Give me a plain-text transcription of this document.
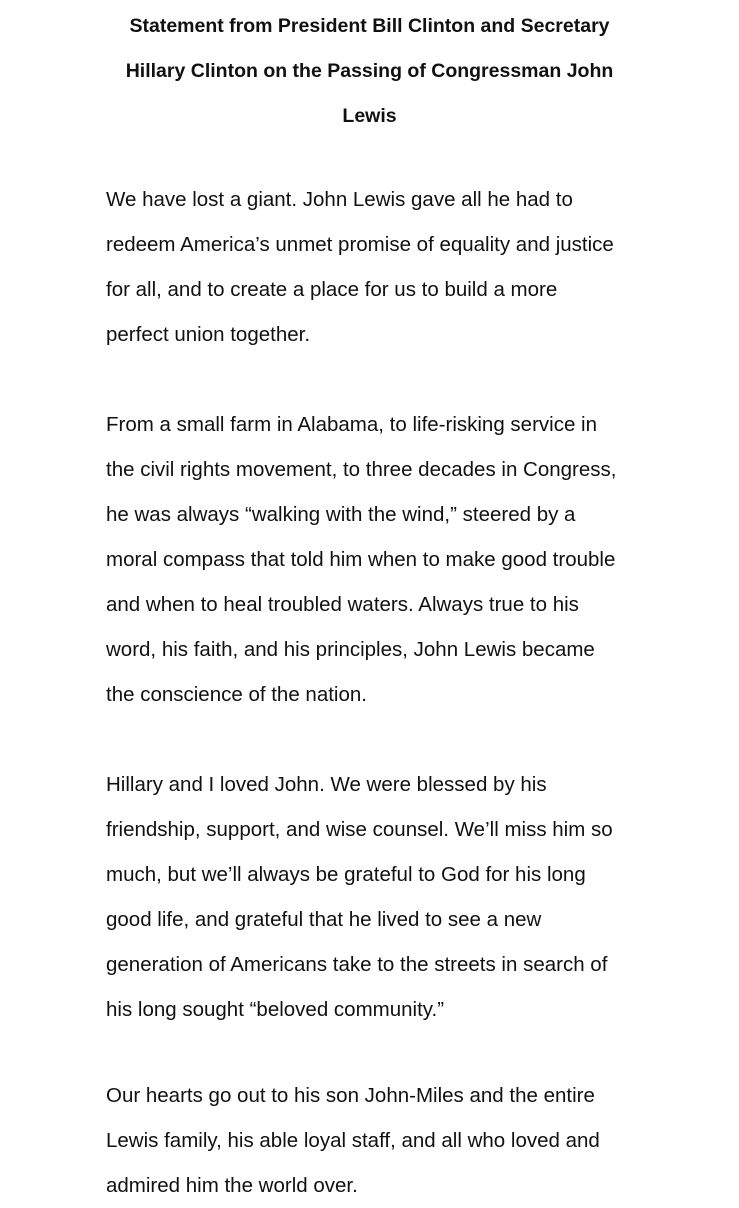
Statement from President Bill Clinton and Secretary
Hillary Clinton on the Passing of Congressman John
Lewis

We have lost a giant. John Lewis gave all he had to
redeem America’s unmet promise of equality and justice
for all, and to create a place for us to build a more
perfect union together.

From a small farm in Alabama, to life-risking service in
the civil rights movement, to three decades in Congress,
he was always “walking with the wind,” steered by a
moral compass that told him when to make good trouble
and when to heal troubled waters. Always true to his
word, his faith, and his principles, John Lewis became
the conscience of the nation.

Hillary and I loved John. We were blessed by his
friendship, support, and wise counsel. We’ll miss him so
much, but we’ll always be grateful to God for his long
good life, and grateful that he lived to see a new
generation of Americans take to the streets in search of
his long sought “beloved community.”

Our hearts go out to his son John-Miles and the entire
Lewis family, his able loyal staff, and all who loved and
admired him the world over.
